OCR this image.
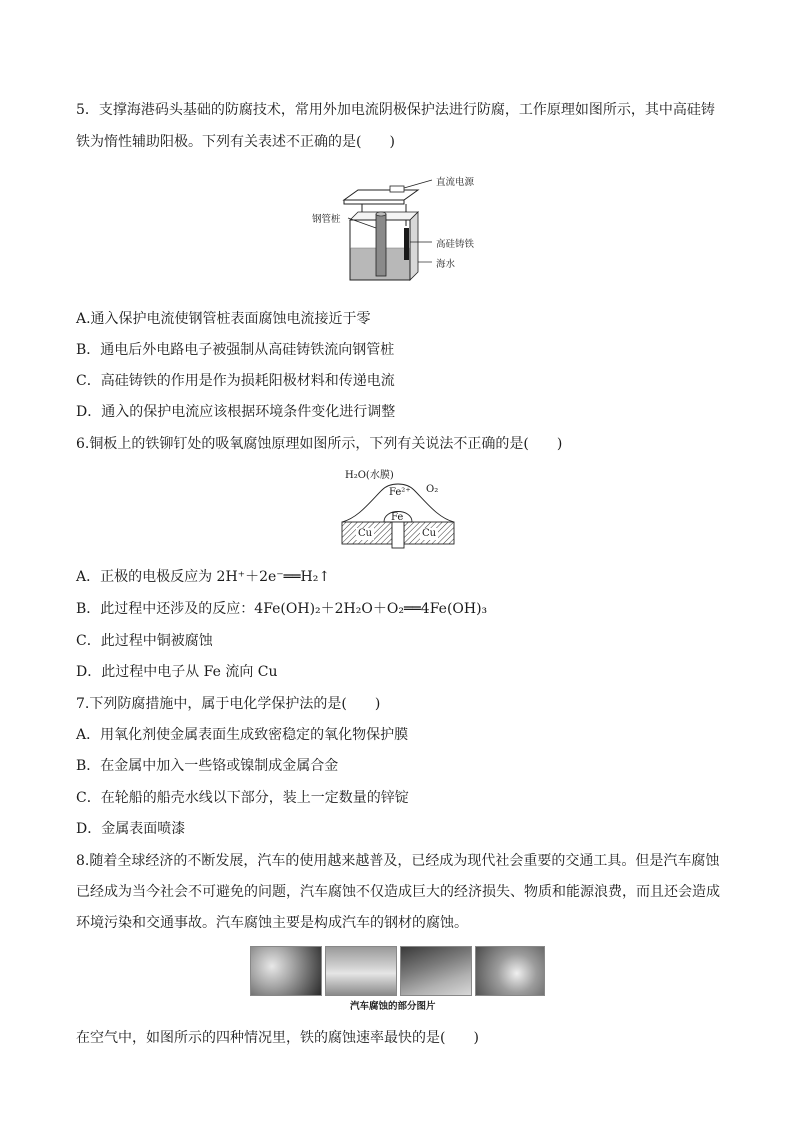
5．支撑海港码头基础的防腐技术，常用外加电流阴极保护法进行防腐，工作原理如图所示，其中高硅铸
铁为惰性辅助阳极。下列有关表述不正确的是(　　)
直流电源
钢管桩
高硅铸铁
海水
A.通入保护电流使钢管桩表面腐蚀电流接近于零
B．通电后外电路电子被强制从高硅铸铁流向钢管桩
C．高硅铸铁的作用是作为损耗阳极材料和传递电流
D．通入的保护电流应该根据环境条件变化进行调整
6.铜板上的铁铆钉处的吸氧腐蚀原理如图所示，下列有关说法不正确的是(　　)
H₂O(水膜)
Fe²⁺ O₂
Fe
Cu	Cu
A．正极的电极反应为 2H⁺＋2e⁻══H₂↑
B．此过程中还涉及的反应：4Fe(OH)₂＋2H₂O＋O₂══4Fe(OH)₃
C．此过程中铜被腐蚀
D．此过程中电子从 Fe 流向 Cu
7.下列防腐措施中，属于电化学保护法的是(　　)
A．用氧化剂使金属表面生成致密稳定的氧化物保护膜
B．在金属中加入一些铬或镍制成金属合金
C．在轮船的船壳水线以下部分，装上一定数量的锌锭
D．金属表面喷漆
8.随着全球经济的不断发展，汽车的使用越来越普及，已经成为现代社会重要的交通工具。但是汽车腐蚀
已经成为当今社会不可避免的问题，汽车腐蚀不仅造成巨大的经济损失、物质和能源浪费，而且还会造成
环境污染和交通事故。汽车腐蚀主要是构成汽车的钢材的腐蚀。
汽车腐蚀的部分图片
在空气中，如图所示的四种情况里，铁的腐蚀速率最快的是(　　)
